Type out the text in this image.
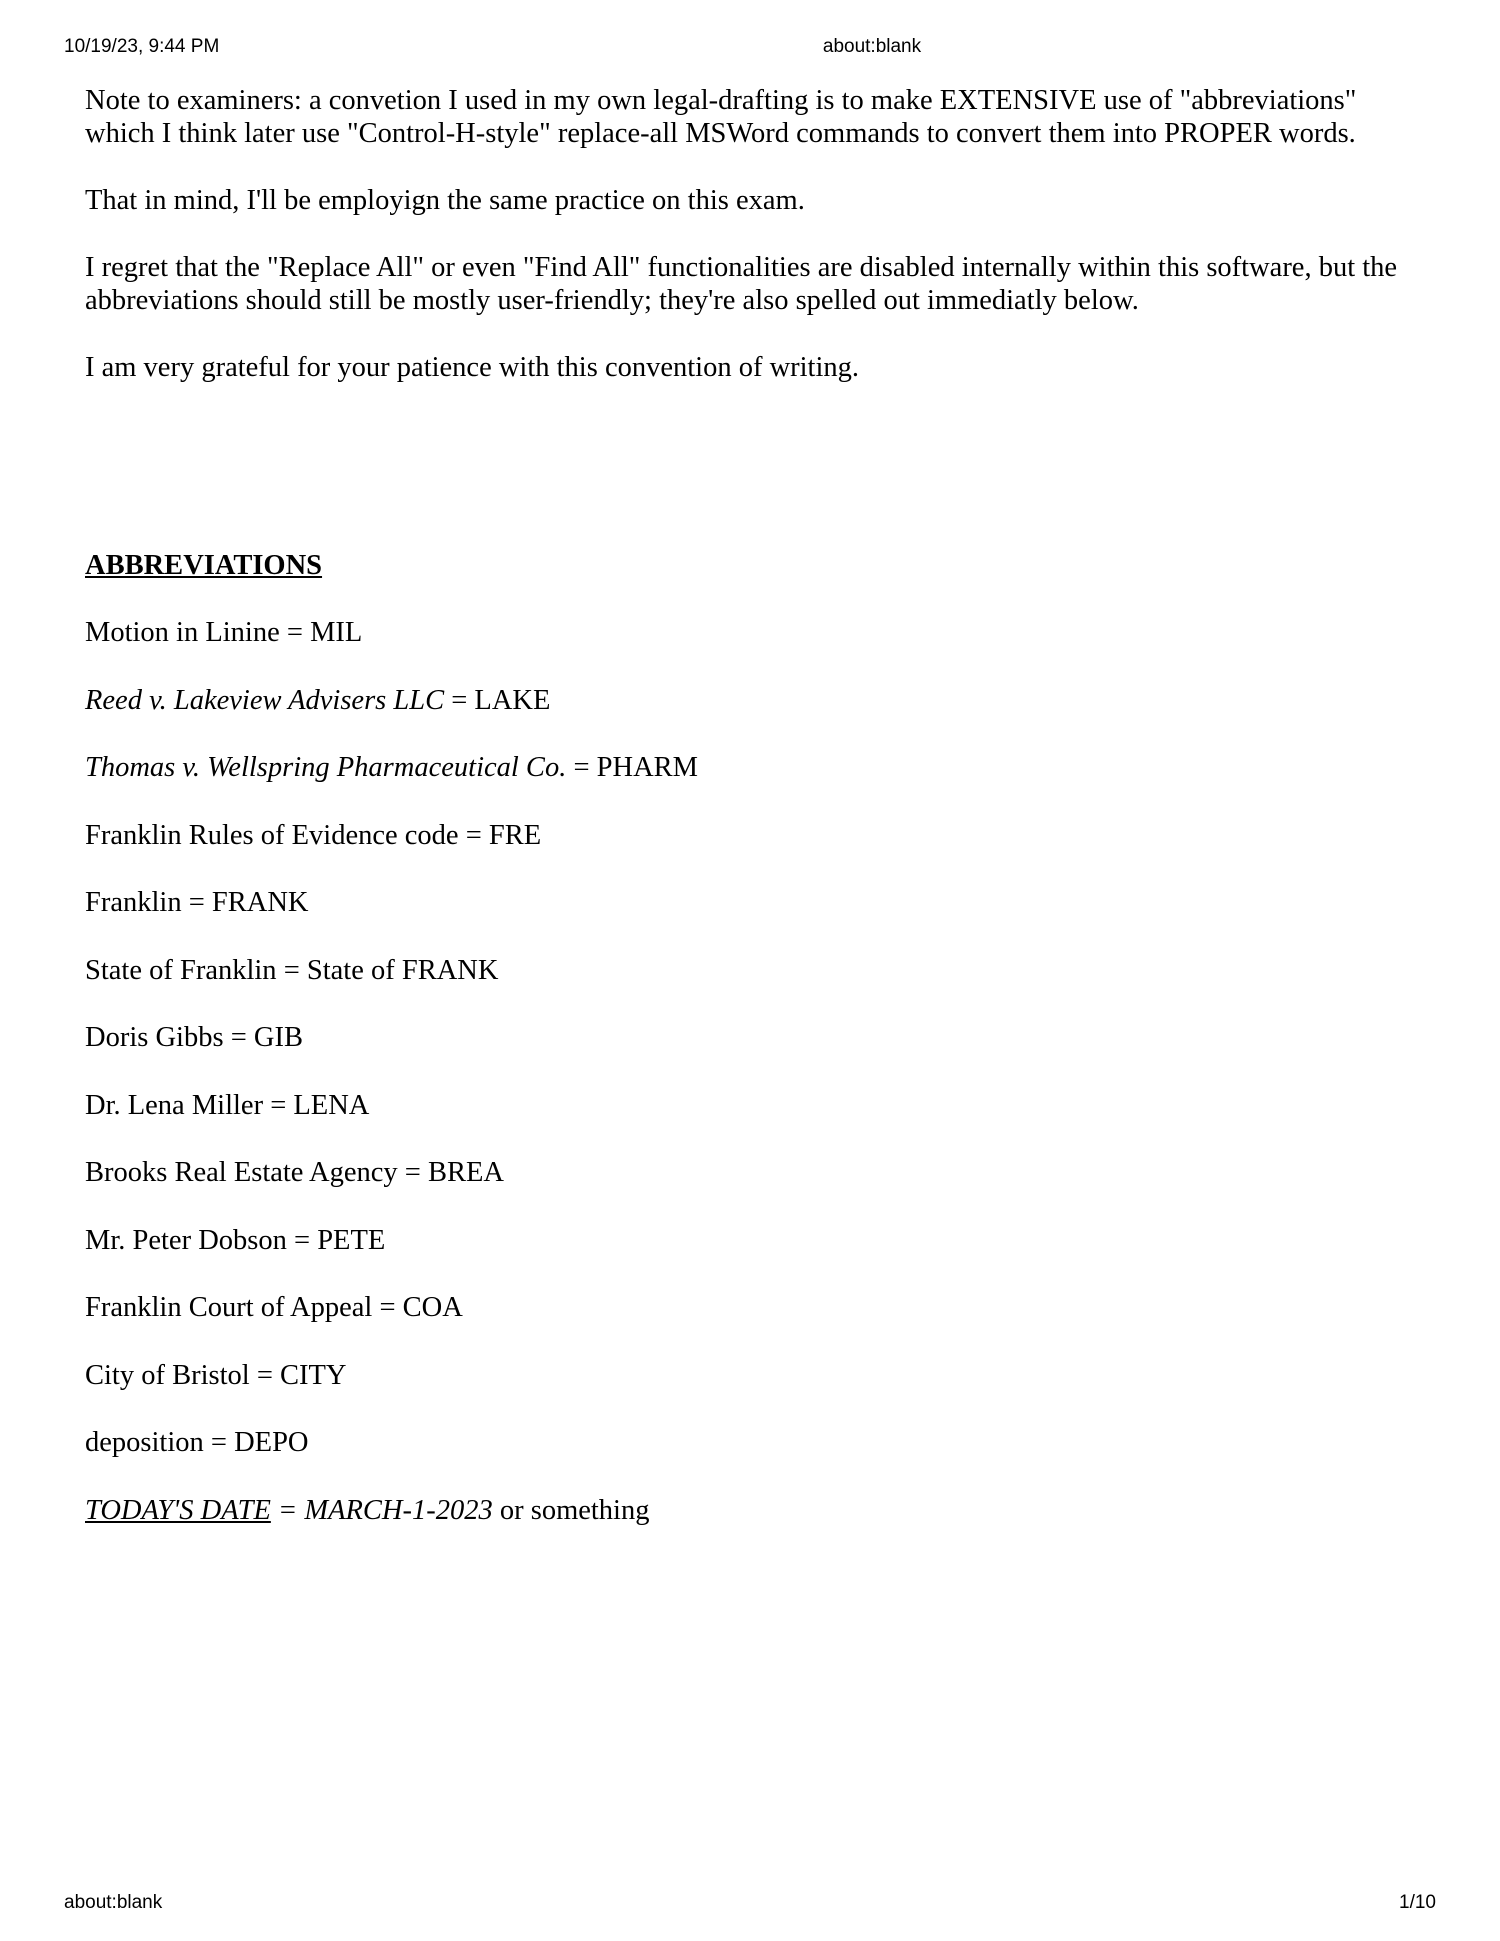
10/19/23, 9:44 PM	about:blank

Note to examiners: a convetion I used in my own legal-drafting is to make EXTENSIVE use of "abbreviations" which I think later use "Control-H-style" replace-all MSWord commands to convert them into PROPER words.

That in mind, I'll be employign the same practice on this exam.

I regret that the "Replace All" or even "Find All" functionalities are disabled internally within this software, but the abbreviations should still be mostly user-friendly; they're also spelled out immediatly below.

I am very grateful for your patience with this convention of writing.

ABBREVIATIONS

Motion in Linine = MIL
Reed v. Lakeview Advisers LLC = LAKE
Thomas v. Wellspring Pharmaceutical Co. = PHARM
Franklin Rules of Evidence code = FRE
Franklin = FRANK
State of Franklin = State of FRANK
Doris Gibbs = GIB
Dr. Lena Miller = LENA
Brooks Real Estate Agency = BREA
Mr. Peter Dobson = PETE
Franklin Court of Appeal = COA
City of Bristol = CITY
deposition = DEPO

TODAY'S DATE = MARCH-1-2023 or something

about:blank	1/10
